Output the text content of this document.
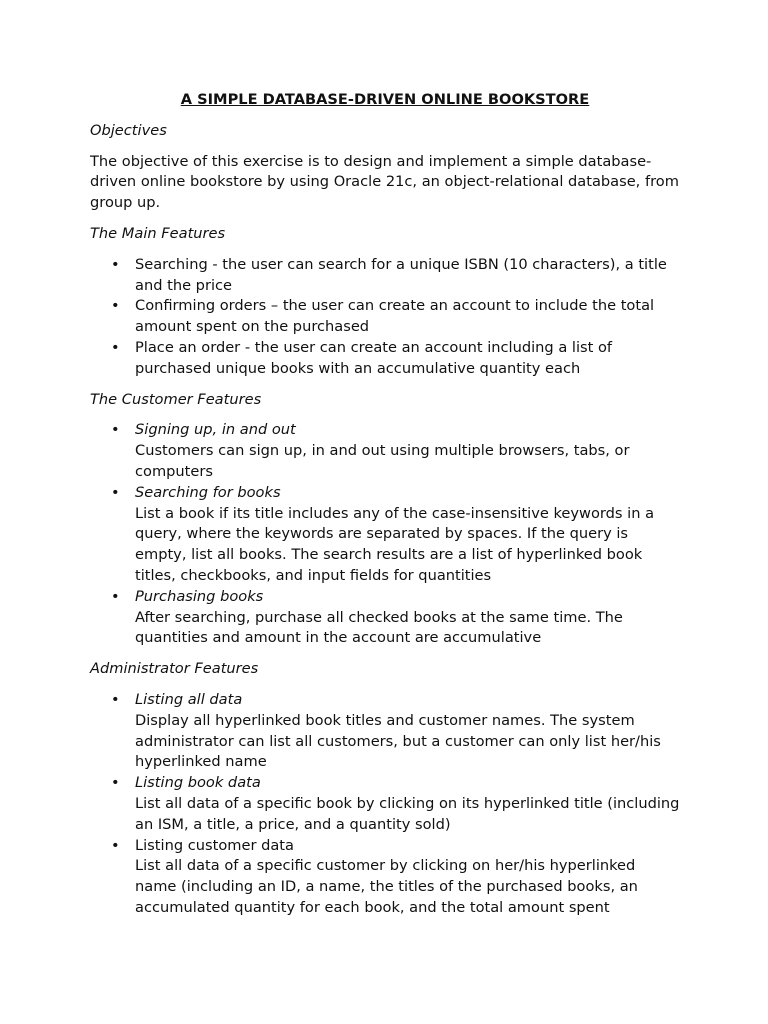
A SIMPLE DATABASE-DRIVEN ONLINE BOOKSTORE
Objectives
The objective of this exercise is to design and implement a simple database-driven online bookstore by using Oracle 21c, an object-relational database, from group up.
The Main Features
• Searching - the user can search for a unique ISBN (10 characters), a title and the price
• Confirming orders – the user can create an account to include the total amount spent on the purchased
• Place an order - the user can create an account including a list of purchased unique books with an accumulative quantity each
The Customer Features
• Signing up, in and out
Customers can sign up, in and out using multiple browsers, tabs, or computers
• Searching for books
List a book if its title includes any of the case-insensitive keywords in a query, where the keywords are separated by spaces. If the query is empty, list all books. The search results are a list of hyperlinked book titles, checkbooks, and input fields for quantities
• Purchasing books
After searching, purchase all checked books at the same time. The quantities and amount in the account are accumulative
Administrator Features
• Listing all data
Display all hyperlinked book titles and customer names. The system administrator can list all customers, but a customer can only list her/his hyperlinked name
• Listing book data
List all data of a specific book by clicking on its hyperlinked title (including an ISM, a title, a price, and a quantity sold)
• Listing customer data
List all data of a specific customer by clicking on her/his hyperlinked name (including an ID, a name, the titles of the purchased books, an accumulated quantity for each book, and the total amount spent
